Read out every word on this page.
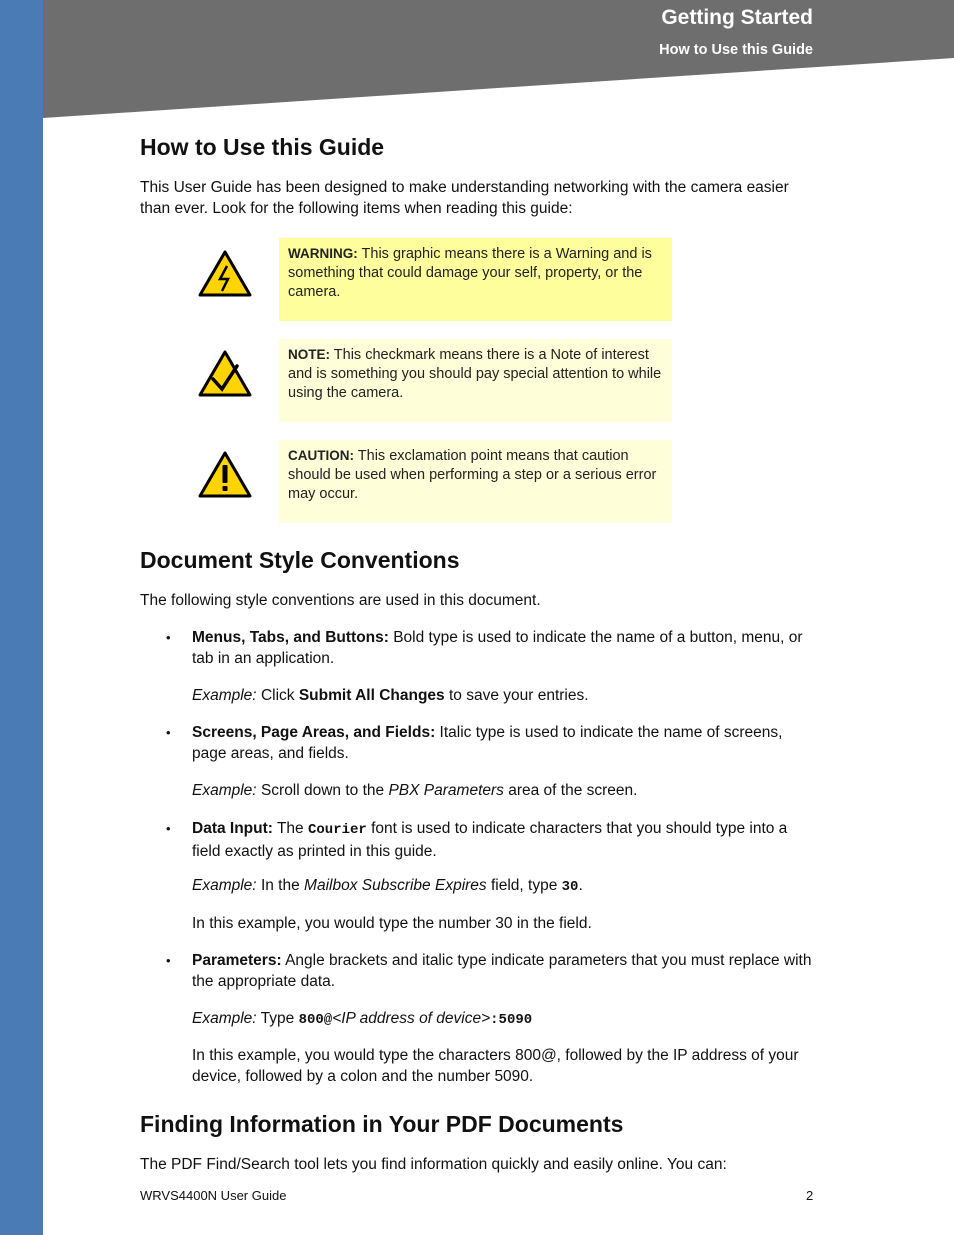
Getting Started
How to Use this Guide
How to Use this Guide

This User Guide has been designed to make understanding networking with the camera easier
than ever. Look for the following items when reading this guide:

WARNING: This graphic means there is a Warning and is something that could damage your self, property, or the camera.
NOTE: This checkmark means there is a Note of interest and is something you should pay special attention to while using the camera.
CAUTION: This exclamation point means that caution should be used when performing a step or a serious error may occur.
Document Style Conventions

The following style conventions are used in this document.

• Menus, Tabs, and Buttons: Bold type is used to indicate the name of a button, menu, or tab in an application.
Example: Click Submit All Changes to save your entries.
• Screens, Page Areas, and Fields: Italic type is used to indicate the name of screens, page areas, and fields.
Example: Scroll down to the PBX Parameters area of the screen.
• Data Input: The Courier font is used to indicate characters that you should type into a field exactly as printed in this guide.
Example: In the Mailbox Subscribe Expires field, type 30.
In this example, you would type the number 30 in the field.
• Parameters: Angle brackets and italic type indicate parameters that you must replace with the appropriate data.
Example: Type 800@<IP address of device>:5090
In this example, you would type the characters 800@, followed by the IP address of your device, followed by a colon and the number 5090.
Finding Information in Your PDF Documents

The PDF Find/Search tool lets you find information quickly and easily online. You can:

WRVS4400N User Guide	2
